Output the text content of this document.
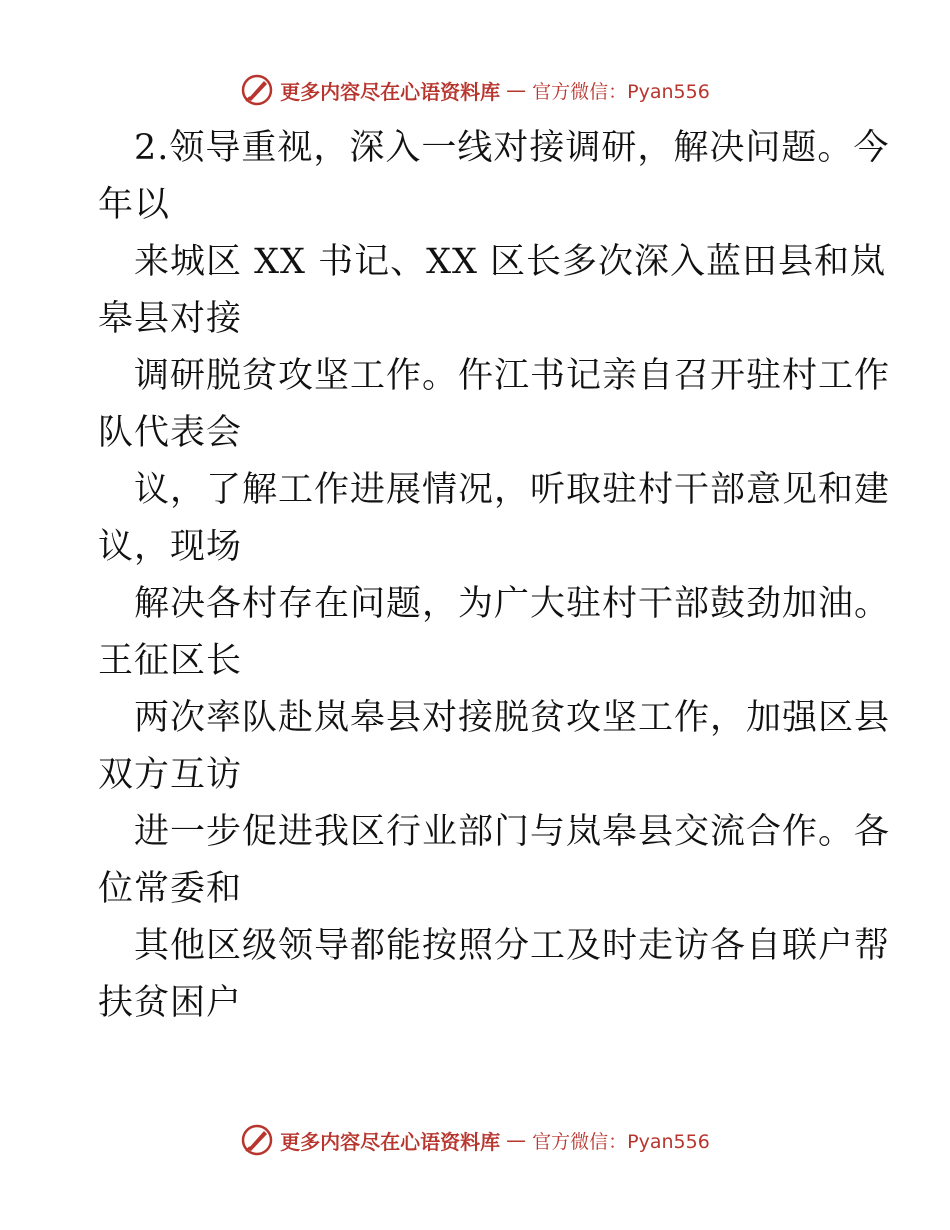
更多内容尽在心语资料库 — 官方微信：Pyan556

2.领导重视，深入一线对接调研，解决问题。今

年以

来城区 XX 书记、XX 区长多次深入蓝田县和岚

皋县对接

调研脱贫攻坚工作。仵江书记亲自召开驻村工作

队代表会

议，了解工作进展情况，听取驻村干部意见和建

议，现场

解决各村存在问题，为广大驻村干部鼓劲加油。

王征区长

两次率队赴岚皋县对接脱贫攻坚工作，加强区县

双方互访

进一步促进我区行业部门与岚皋县交流合作。各

位常委和

其他区级领导都能按照分工及时走访各自联户帮

扶贫困户

更多内容尽在心语资料库 — 官方微信：Pyan556
